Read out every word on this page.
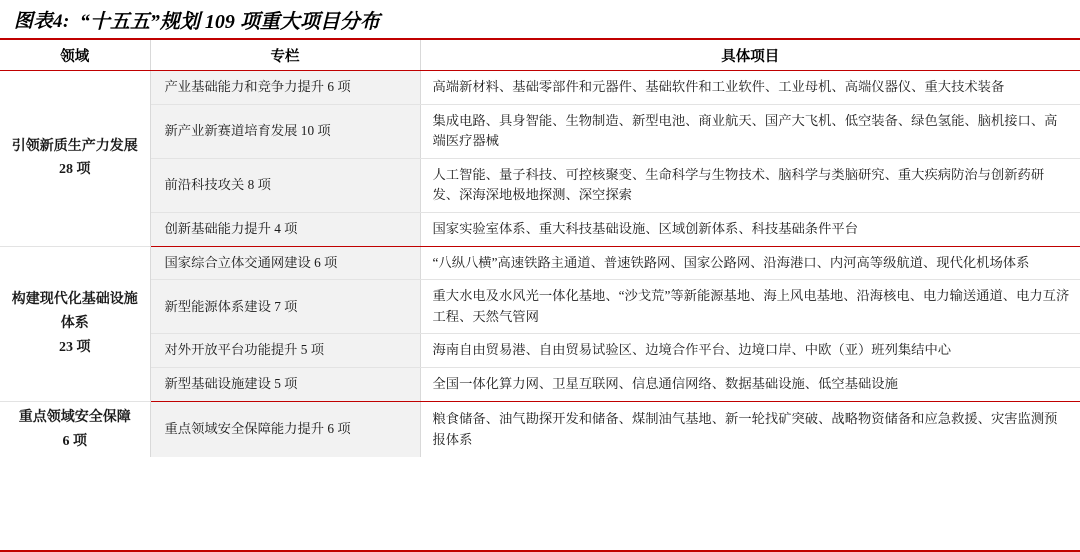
图表4: “十五五”规划 109 项重大项目分布
领域	专栏	具体项目

引领新质生产力发展
28 项	产业基础能力和竞争力提升 6 项	高端新材料、基础零部件和元器件、基础软件和工业软件、工业母机、高端仪器仪、重大技术装备
	新产业新赛道培育发展 10 项	集成电路、具身智能、生物制造、新型电池、商业航天、国产大飞机、低空装备、绿色氢能、脑机接口、高端医疗器械
	前沿科技攻关 8 项	人工智能、量子科技、可控核聚变、生命科学与生物技术、脑科学与类脑研究、重大疾病防治与创新药研发、深海深地极地探测、深空探索
	创新基础能力提升 4 项	国家实验室体系、重大科技基础设施、区域创新体系、科技基础条件平台

构建现代化基础设施
体系
23 项	国家综合立体交通网建设 6 项	“八纵八横”高速铁路主通道、普速铁路网、国家公路网、沿海港口、内河高等级航道、现代化机场体系
	新型能源体系建设 7 项	重大水电及水风光一体化基地、“沙戈荒”等新能源基地、海上风电基地、沿海核电、电力输送通道、电力互济工程、天然气管网
	对外开放平台功能提升 5 项	海南自由贸易港、自由贸易试验区、边境合作平台、边境口岸、中欧（亚）班列集结中心
	新型基础设施建设 5 项	全国一体化算力网、卫星互联网、信息通信网络、数据基础设施、低空基础设施

重点领域安全保障
6 项	重点领域安全保障能力提升 6 项	粮食储备、油气勘探开发和储备、煤制油气基地、新一轮找矿突破、战略物资储备和应急救援、灾害监测预报体系
